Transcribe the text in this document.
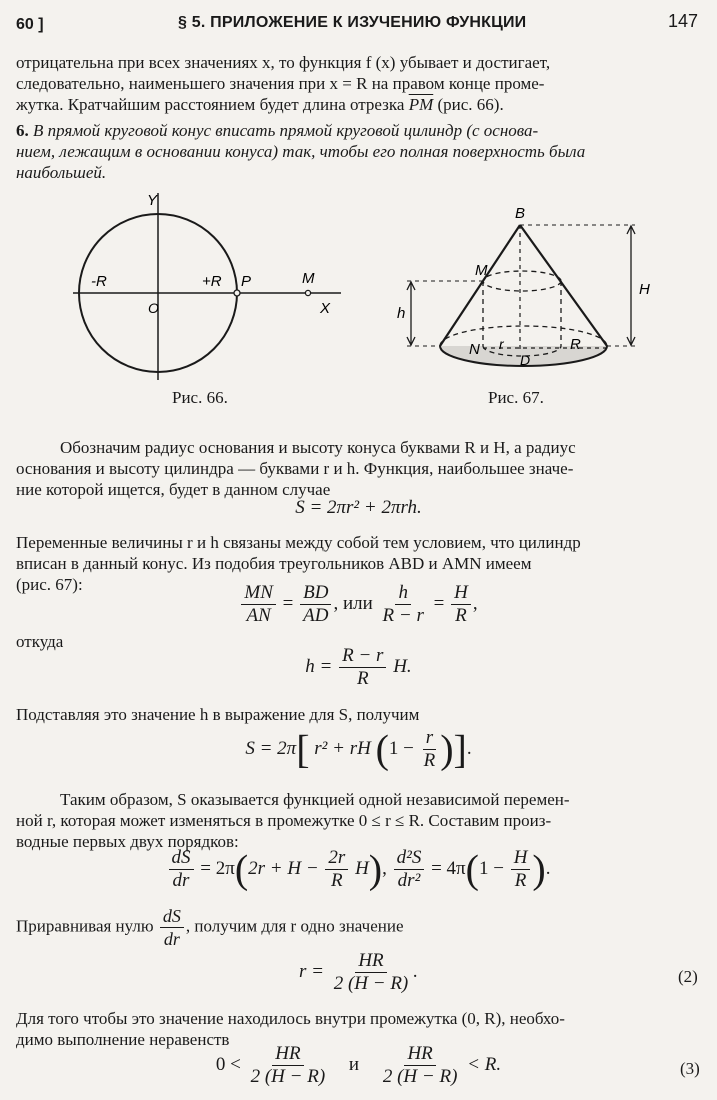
60 ]	§ 5. ПРИЛОЖЕНИЕ К ИЗУЧЕНИЮ ФУНКЦИИ	147
отрицательна при всех значениях x, то функция f (x) убывает и достигает,
следовательно, наименьшего значения при x = R на правом конце проме-
жутка. Кратчайшим расстоянием будет длина отрезка $\overline{PM}$ (рис. 66).
6. В прямой круговой конус вписать прямой круговой цилиндр (с основа-
нием, лежащим в основании конуса) так, чтобы его полная поверхность была
наибольшей.
Y
X
O
-R	+R P	M
Рис. 66.
B
M
h
H
N r	R
D
Рис. 67.
Обозначим радиус основания и высоту конуса буквами R и H, а радиус
основания и высоту цилиндра — буквами r и h. Функция, наибольшее значе-
ние которой ищется, будет в данном случае
S = 2πr² + 2πrh.
Переменные величины r и h связаны между собой тем условием, что цилиндр
вписан в данный конус. Из подобия треугольников ABD и AMN имеем
(рис. 67):	$\frac{MN}{AN} = \frac{BD}{AD}$ , или $\frac{h}{R - r} = \frac{H}{R}$ ,
откуда
$h = \frac{R - r}{R} H$.
Подставляя это значение h в выражение для S, получим
S = 2π[ r² + rH ($1 - \frac{r}{R}$ )].
Таким образом, S оказывается функцией одной независимой перемен-
ной r, которая может изменяться в промежутке 0 ≤ r ≤ R. Составим произ-
водные первых двух порядков:
$\frac{dS}{dr} = 2\pi(2r + H - \frac{2r}{R} H)$, $\frac{\text{d²S}}{\text{dr²}} = 4\pi(1 - \frac{H}{R}$ ).
Приравнивая нулю $\frac{dS}{dr}$ , получим для r одно значение
$r = \frac{HR}{2 (H - R)}$ .	(2)
Для того чтобы это значение находилось внутри промежутка (0, R), необхо-
димо выполнение неравенств
$0 < \frac{HR}{2 (H - R)}$ и $\frac{HR}{2 (H - R)} < R$.	(3)
